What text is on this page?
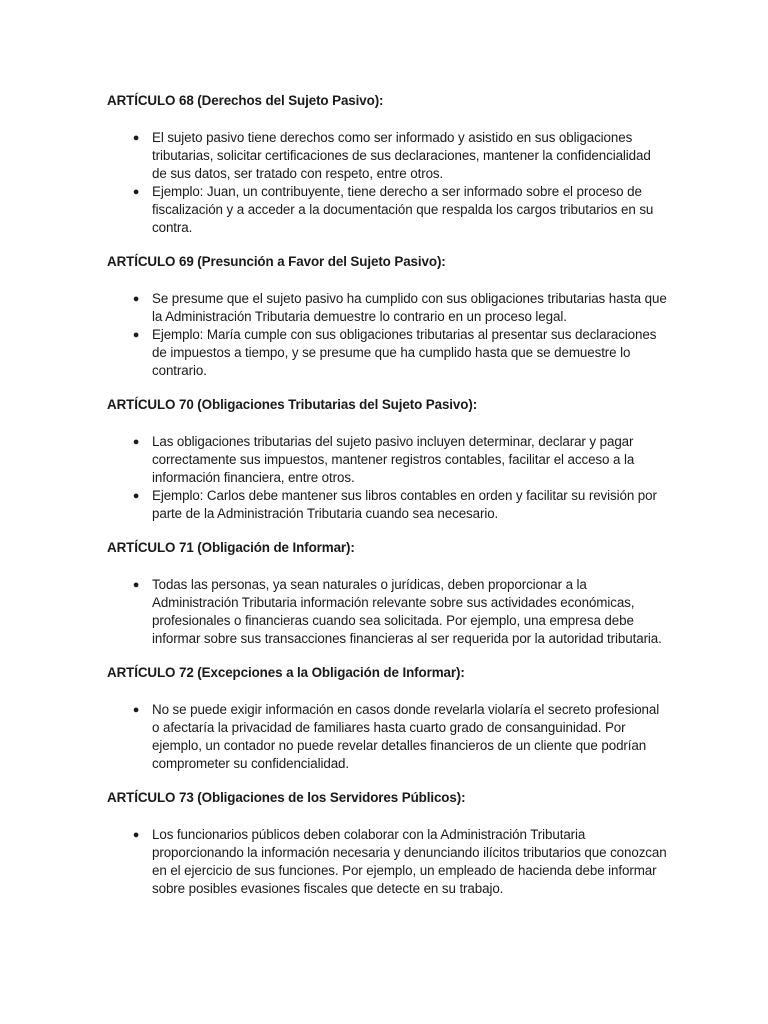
ARTÍCULO 68 (Derechos del Sujeto Pasivo):
● El sujeto pasivo tiene derechos como ser informado y asistido en sus obligaciones tributarias, solicitar certificaciones de sus declaraciones, mantener la confidencialidad de sus datos, ser tratado con respeto, entre otros.
● Ejemplo: Juan, un contribuyente, tiene derecho a ser informado sobre el proceso de fiscalización y a acceder a la documentación que respalda los cargos tributarios en su contra.
ARTÍCULO 69 (Presunción a Favor del Sujeto Pasivo):
● Se presume que el sujeto pasivo ha cumplido con sus obligaciones tributarias hasta que la Administración Tributaria demuestre lo contrario en un proceso legal.
● Ejemplo: María cumple con sus obligaciones tributarias al presentar sus declaraciones de impuestos a tiempo, y se presume que ha cumplido hasta que se demuestre lo contrario.
ARTÍCULO 70 (Obligaciones Tributarias del Sujeto Pasivo):
● Las obligaciones tributarias del sujeto pasivo incluyen determinar, declarar y pagar correctamente sus impuestos, mantener registros contables, facilitar el acceso a la información financiera, entre otros.
● Ejemplo: Carlos debe mantener sus libros contables en orden y facilitar su revisión por parte de la Administración Tributaria cuando sea necesario.
ARTÍCULO 71 (Obligación de Informar):
● Todas las personas, ya sean naturales o jurídicas, deben proporcionar a la Administración Tributaria información relevante sobre sus actividades económicas, profesionales o financieras cuando sea solicitada. Por ejemplo, una empresa debe informar sobre sus transacciones financieras al ser requerida por la autoridad tributaria.
ARTÍCULO 72 (Excepciones a la Obligación de Informar):
● No se puede exigir información en casos donde revelarla violaría el secreto profesional o afectaría la privacidad de familiares hasta cuarto grado de consanguinidad. Por ejemplo, un contador no puede revelar detalles financieros de un cliente que podrían comprometer su confidencialidad.
ARTÍCULO 73 (Obligaciones de los Servidores Públicos):
● Los funcionarios públicos deben colaborar con la Administración Tributaria proporcionando la información necesaria y denunciando ilícitos tributarios que conozcan en el ejercicio de sus funciones. Por ejemplo, un empleado de hacienda debe informar sobre posibles evasiones fiscales que detecte en su trabajo.
